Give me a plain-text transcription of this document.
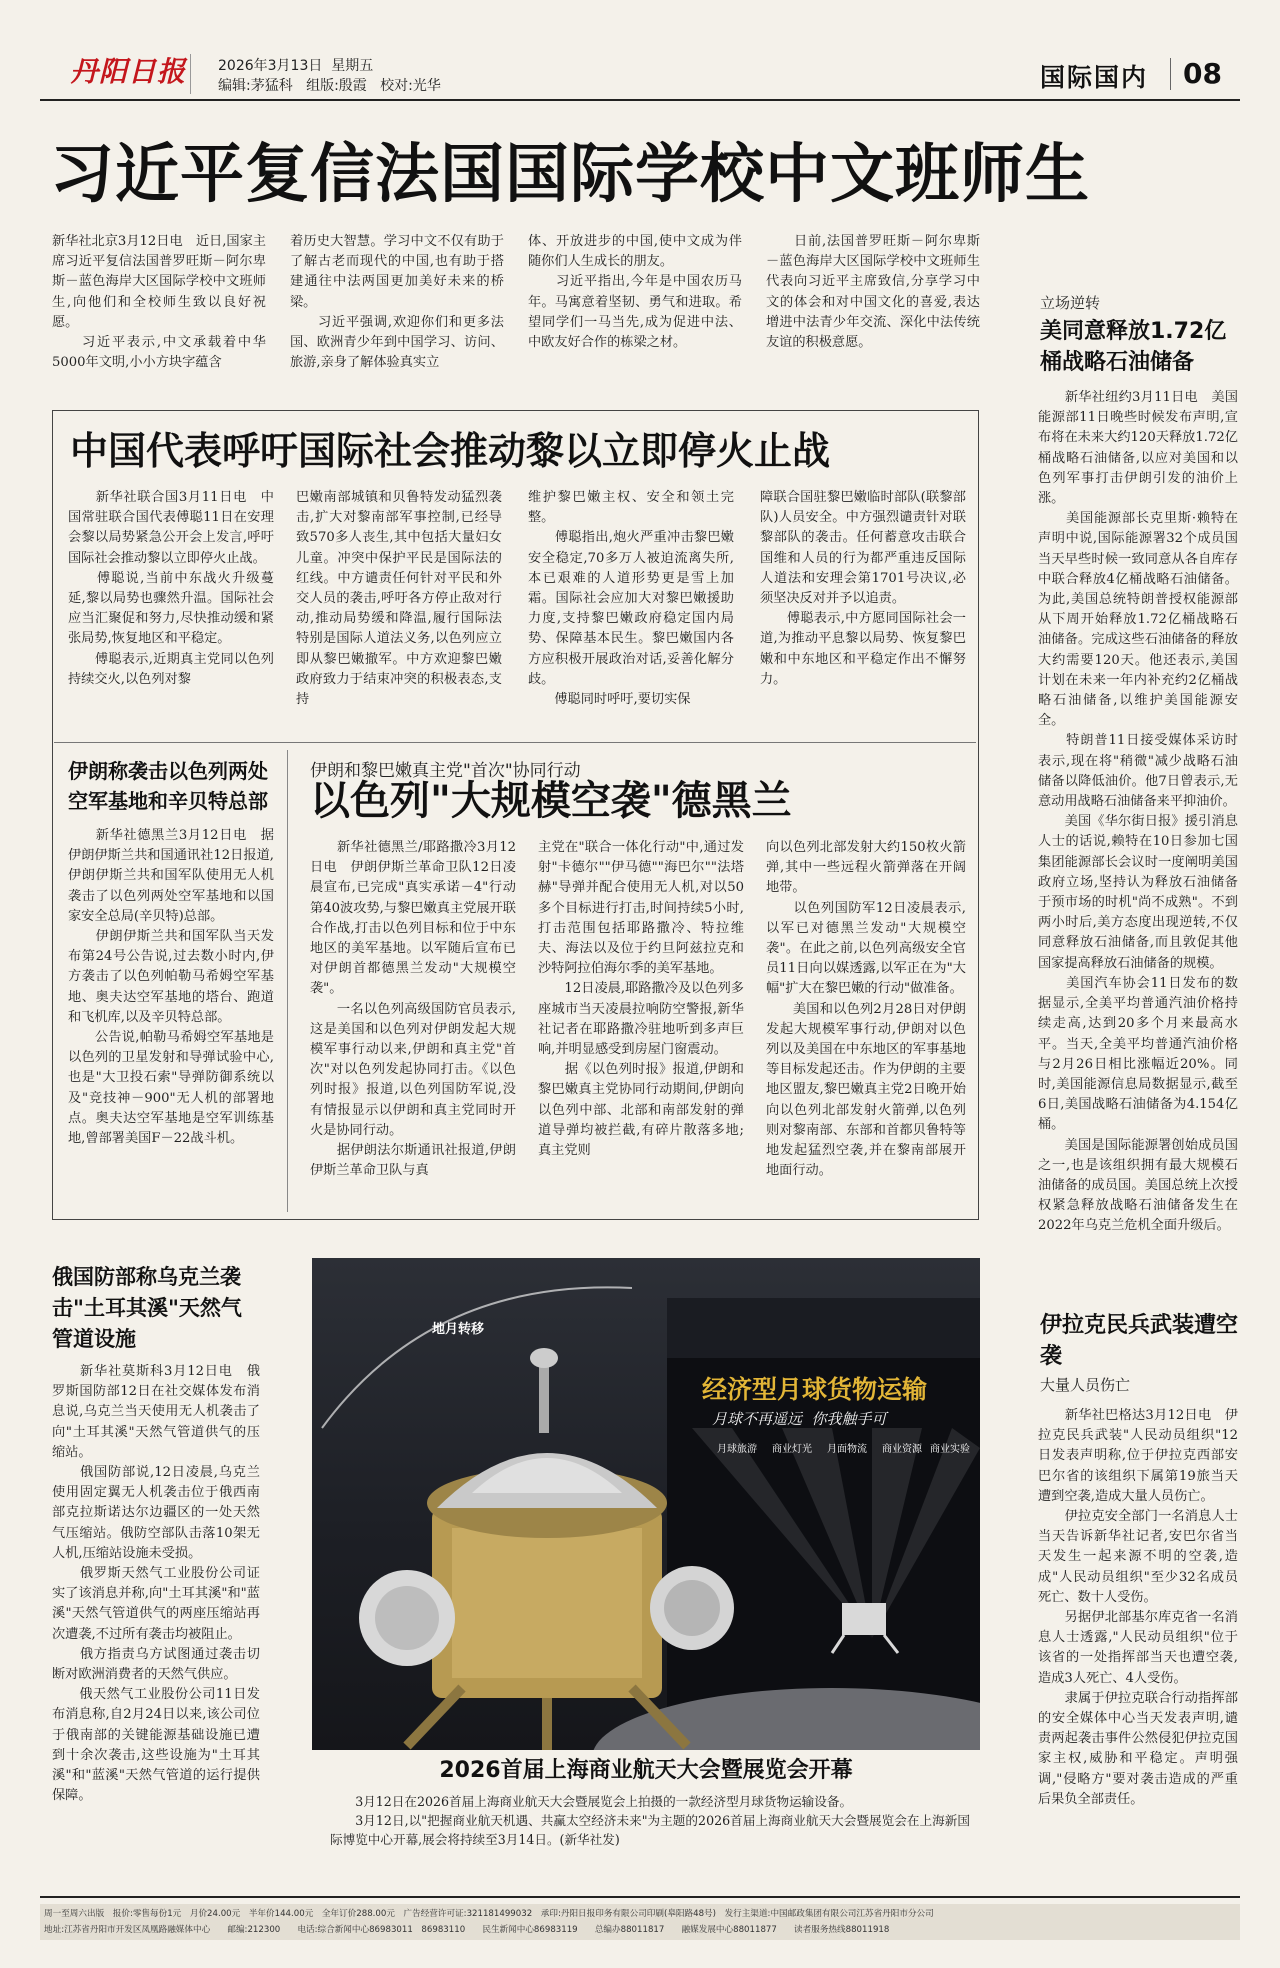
丹阳日报 2026年3月13日  星期五
编辑:茅猛科   组版:殷霞   校对:光华	国际国内 08
习近平复信法国国际学校中文班师生

新华社北京3月12日电　近日,国家主席习近平复信法国普罗旺斯－阿尔卑斯－蓝色海岸大区国际学校中文班师生,向他们和全校师生致以良好祝愿。
　　习近平表示,中文承载着中华5000年文明,小小方块字蕴含

着历史大智慧。学习中文不仅有助于了解古老而现代的中国,也有助于搭建通往中法两国更加美好未来的桥梁。
　　习近平强调,欢迎你们和更多法国、欧洲青少年到中国学习、访问、旅游,亲身了解体验真实立

体、开放进步的中国,使中文成为伴随你们人生成长的朋友。
　　习近平指出,今年是中国农历马年。马寓意着坚韧、勇气和进取。希望同学们一马当先,成为促进中法、中欧友好合作的栋梁之材。

　　日前,法国普罗旺斯－阿尔卑斯－蓝色海岸大区国际学校中文班师生代表向习近平主席致信,分享学习中文的体会和对中国文化的喜爱,表达增进中法青少年交流、深化中法传统友谊的积极意愿。

立场逆转
美同意释放1.72亿桶战略石油储备

　　新华社纽约3月11日电　美国能源部11日晚些时候发布声明,宣布将在未来大约120天释放1.72亿桶战略石油储备,以应对美国和以色列军事打击伊朗引发的油价上涨。
　　美国能源部长克里斯·赖特在声明中说,国际能源署32个成员国当天早些时候一致同意从各自库存中联合释放4亿桶战略石油储备。为此,美国总统特朗普授权能源部从下周开始释放1.72亿桶战略石油储备。完成这些石油储备的释放大约需要120天。他还表示,美国计划在未来一年内补充约2亿桶战略石油储备,以维护美国能源安全。
　　特朗普11日接受媒体采访时表示,现在将"稍微"减少战略石油储备以降低油价。他7日曾表示,无意动用战略石油储备来平抑油价。
　　美国《华尔街日报》援引消息人士的话说,赖特在10日参加七国集团能源部长会议时一度阐明美国政府立场,坚持认为释放石油储备于预市场的时机"尚不成熟"。不到两小时后,美方态度出现逆转,不仅同意释放石油储备,而且敦促其他国家提高释放石油储备的规模。
　　美国汽车协会11日发布的数据显示,全美平均普通汽油价格持续走高,达到20多个月来最高水平。当天,全美平均普通汽油价格与2月26日相比涨幅近20%。同时,美国能源信息局数据显示,截至6日,美国战略石油储备为4.154亿桶。
　　美国是国际能源署创始成员国之一,也是该组织拥有最大规模石油储备的成员国。美国总统上次授权紧急释放战略石油储备发生在2022年乌克兰危机全面升级后。

中国代表呼吁国际社会推动黎以立即停火止战

　　新华社联合国3月11日电　中国常驻联合国代表傅聪11日在安理会黎以局势紧急公开会上发言,呼吁国际社会推动黎以立即停火止战。
　　傅聪说,当前中东战火升级蔓延,黎以局势也骤然升温。国际社会应当汇聚促和努力,尽快推动缓和紧张局势,恢复地区和平稳定。
　　傅聪表示,近期真主党同以色列持续交火,以色列对黎

巴嫩南部城镇和贝鲁特发动猛烈袭击,扩大对黎南部军事控制,已经导致570多人丧生,其中包括大量妇女儿童。冲突中保护平民是国际法的红线。中方谴责任何针对平民和外交人员的袭击,呼吁各方停止敌对行动,推动局势缓和降温,履行国际法特别是国际人道法义务,以色列应立即从黎巴嫩撤军。中方欢迎黎巴嫩政府致力于结束冲突的积极表态,支持

维护黎巴嫩主权、安全和领土完整。
　　傅聪指出,炮火严重冲击黎巴嫩安全稳定,70多万人被迫流离失所,本已艰难的人道形势更是雪上加霜。国际社会应加大对黎巴嫩援助力度,支持黎巴嫩政府稳定国内局势、保障基本民生。黎巴嫩国内各方应积极开展政治对话,妥善化解分歧。
　　傅聪同时呼吁,要切实保

障联合国驻黎巴嫩临时部队(联黎部队)人员安全。中方强烈谴责针对联黎部队的袭击。任何蓄意攻击联合国维和人员的行为都严重违反国际人道法和安理会第1701号决议,必须坚决反对并予以追责。
　　傅聪表示,中方愿同国际社会一道,为推动平息黎以局势、恢复黎巴嫩和中东地区和平稳定作出不懈努力。

伊朗称袭击以色列两处空军基地和辛贝特总部

　　新华社德黑兰3月12日电　据伊朗伊斯兰共和国通讯社12日报道,伊朗伊斯兰共和国军队使用无人机袭击了以色列两处空军基地和以国家安全总局(辛贝特)总部。
　　伊朗伊斯兰共和国军队当天发布第24号公告说,过去数小时内,伊方袭击了以色列帕勒马希姆空军基地、奥夫达空军基地的塔台、跑道和飞机库,以及辛贝特总部。
　　公告说,帕勒马希姆空军基地是以色列的卫星发射和导弹试验中心,也是"大卫投石索"导弹防御系统以及"竞技神－900"无人机的部署地点。奥夫达空军基地是空军训练基地,曾部署美国F－22战斗机。

伊朗和黎巴嫩真主党"首次"协同行动
以色列"大规模空袭"德黑兰

　　新华社德黑兰/耶路撒冷3月12日电　伊朗伊斯兰革命卫队12日凌晨宣布,已完成"真实承诺－4"行动第40波攻势,与黎巴嫩真主党展开联合作战,打击以色列目标和位于中东地区的美军基地。以军随后宣布已对伊朗首都德黑兰发动"大规模空袭"。
　　一名以色列高级国防官员表示,这是美国和以色列对伊朗发起大规模军事行动以来,伊朗和真主党"首次"对以色列发起协同打击。《以色列时报》报道,以色列国防军说,没有情报显示以伊朗和真主党同时开火是协同行动。
　　据伊朗法尔斯通讯社报道,伊朗伊斯兰革命卫队与真

主党在"联合一体化行动"中,通过发射"卡德尔""伊马德""海巴尔""法塔赫"导弹并配合使用无人机,对以50多个目标进行打击,时间持续5小时,打击范围包括耶路撒冷、特拉维夫、海法以及位于约旦阿兹拉克和沙特阿拉伯海尔季的美军基地。
　　12日凌晨,耶路撒冷及以色列多座城市当天凌晨拉响防空警报,新华社记者在耶路撒冷驻地听到多声巨响,并明显感受到房屋门窗震动。
　　据《以色列时报》报道,伊朗和黎巴嫩真主党协同行动期间,伊朗向以色列中部、北部和南部发射的弹道导弹均被拦截,有碎片散落多地;真主党则

向以色列北部发射大约150枚火箭弹,其中一些远程火箭弹落在开阔地带。
　　以色列国防军12日凌晨表示,以军已对德黑兰发动"大规模空袭"。在此之前,以色列高级安全官员11日向以媒透露,以军正在为"大幅"扩大在黎巴嫩的行动"做准备。
　　美国和以色列2月28日对伊朗发起大规模军事行动,伊朗对以色列以及美国在中东地区的军事基地等目标发起还击。作为伊朗的主要地区盟友,黎巴嫩真主党2日晚开始向以色列北部发射火箭弹,以色列则对黎南部、东部和首都贝鲁特等地发起猛烈空袭,并在黎南部展开地面行动。

俄国防部称乌克兰袭击"土耳其溪"天然气管道设施

　　新华社莫斯科3月12日电　俄罗斯国防部12日在社交媒体发布消息说,乌克兰当天使用无人机袭击了向"土耳其溪"天然气管道供气的压缩站。
　　俄国防部说,12日凌晨,乌克兰使用固定翼无人机袭击位于俄西南部克拉斯诺达尔边疆区的一处天然气压缩站。俄防空部队击落10架无人机,压缩站设施未受损。
　　俄罗斯天然气工业股份公司证实了该消息并称,向"土耳其溪"和"蓝溪"天然气管道供气的两座压缩站再次遭袭,不过所有袭击均被阻止。
　　俄方指责乌方试图通过袭击切断对欧洲消费者的天然气供应。
　　俄天然气工业股份公司11日发布消息称,自2月24日以来,该公司位于俄南部的关键能源基础设施已遭到十余次袭击,这些设施为"土耳其溪"和"蓝溪"天然气管道的运行提供保障。

经济型月球货物运输
月球不再遥远  你我触手可
地月转移
月球旅游 商业灯光 月面物流 商业资源 商业实验
2026首届上海商业航天大会暨展览会开幕

　　3月12日在2026首届上海商业航天大会暨展览会上拍摄的一款经济型月球货物运输设备。
　　3月12日,以"把握商业航天机遇、共赢太空经济未来"为主题的2026首届上海商业航天大会暨展览会在上海新国际博览中心开幕,展会将持续至3月14日。(新华社发)

伊拉克民兵武装遭空袭
大量人员伤亡

　　新华社巴格达3月12日电　伊拉克民兵武装"人民动员组织"12日发表声明称,位于伊拉克西部安巴尔省的该组织下属第19旅当天遭到空袭,造成大量人员伤亡。
　　伊拉克安全部门一名消息人士当天告诉新华社记者,安巴尔省当天发生一起来源不明的空袭,造成"人民动员组织"至少32名成员死亡、数十人受伤。
　　另据伊北部基尔库克省一名消息人士透露,"人民动员组织"位于该省的一处指挥部当天也遭空袭,造成3人死亡、4人受伤。
　　隶属于伊拉克联合行动指挥部的安全媒体中心当天发表声明,谴责两起袭击事件公然侵犯伊拉克国家主权,威胁和平稳定。声明强调,"侵略方"要对袭击造成的严重后果负全部责任。

周一至周六出版　报价:零售每份1元　月价24.00元　半年价144.00元　全年订价288.00元　广告经营许可证:321181499032　承印:丹阳日报印务有限公司印刷(皋阳路48号)　发行主渠道:中国邮政集团有限公司江苏省丹阳市分公司
地址:江苏省丹阳市开发区凤凰路融媒体中心　　邮编:212300　　电话:综合新闻中心86983011　86983110　　民生新闻中心86983119　　总编办88011817　　融媒发展中心88011877　　读者服务热线88011918
